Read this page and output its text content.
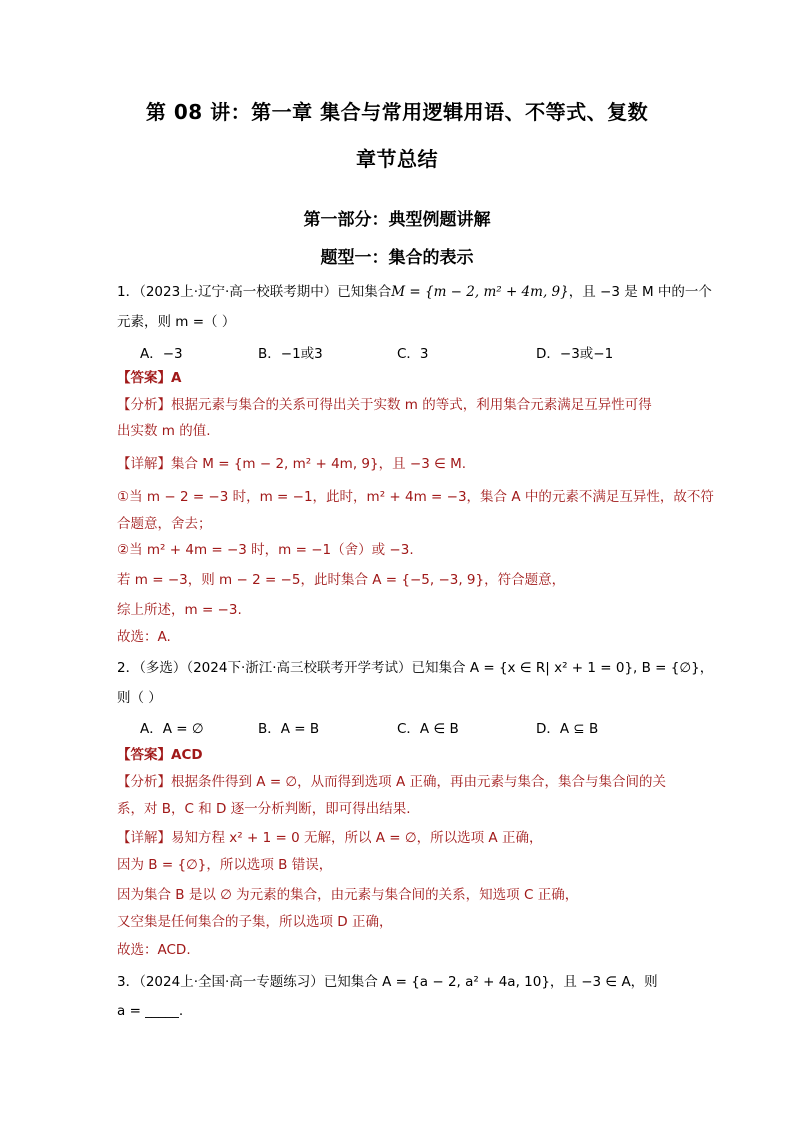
第 08 讲：第一章 集合与常用逻辑用语、不等式、复数
章节总结
第一部分：典型例题讲解
题型一：集合的表示
1．（2023上·辽宁·高一校联考期中）已知集合M = {m − 2, m² + 4m, 9}，且 −3 是 M 中的一个
元素，则 m =（ ）
A．−3	B．−1或3	C．3	D．−3或−1
【答案】A
【分析】根据元素与集合的关系可得出关于实数 m 的等式，利用集合元素满足互异性可得
出实数 m 的值.
【详解】集合 M = {m − 2, m² + 4m, 9}，且 −3 ∈ M.
①当 m − 2 = −3 时，m = −1，此时，m² + 4m = −3，集合 A 中的元素不满足互异性，故不符
合题意，舍去；
②当 m² + 4m = −3 时，m = −1（舍）或 −3.
若 m = −3，则 m − 2 = −5，此时集合 A = {−5, −3, 9}，符合题意，
综上所述，m = −3.
故选：A.
2．（多选）（2024下·浙江·高三校联考开学考试）已知集合 A = {x ∈ R| x² + 1 = 0}, B = {∅}，
则（ ）
A．A = ∅	B．A = B	C．A ∈ B	D．A ⊆ B
【答案】ACD
【分析】根据条件得到 A = ∅，从而得到选项 A 正确，再由元素与集合，集合与集合间的关
系，对 B，C 和 D 逐一分析判断，即可得出结果.
【详解】易知方程 x² + 1 = 0 无解，所以 A = ∅，所以选项 A 正确，
因为 B = {∅}，所以选项 B 错误，
因为集合 B 是以 ∅ 为元素的集合，由元素与集合间的关系，知选项 C 正确，
又空集是任何集合的子集，所以选项 D 正确，
故选：ACD.
3．（2024上·全国·高一专题练习）已知集合 A = {a − 2, a² + 4a, 10}，且 −3 ∈ A，则
a = _____.
